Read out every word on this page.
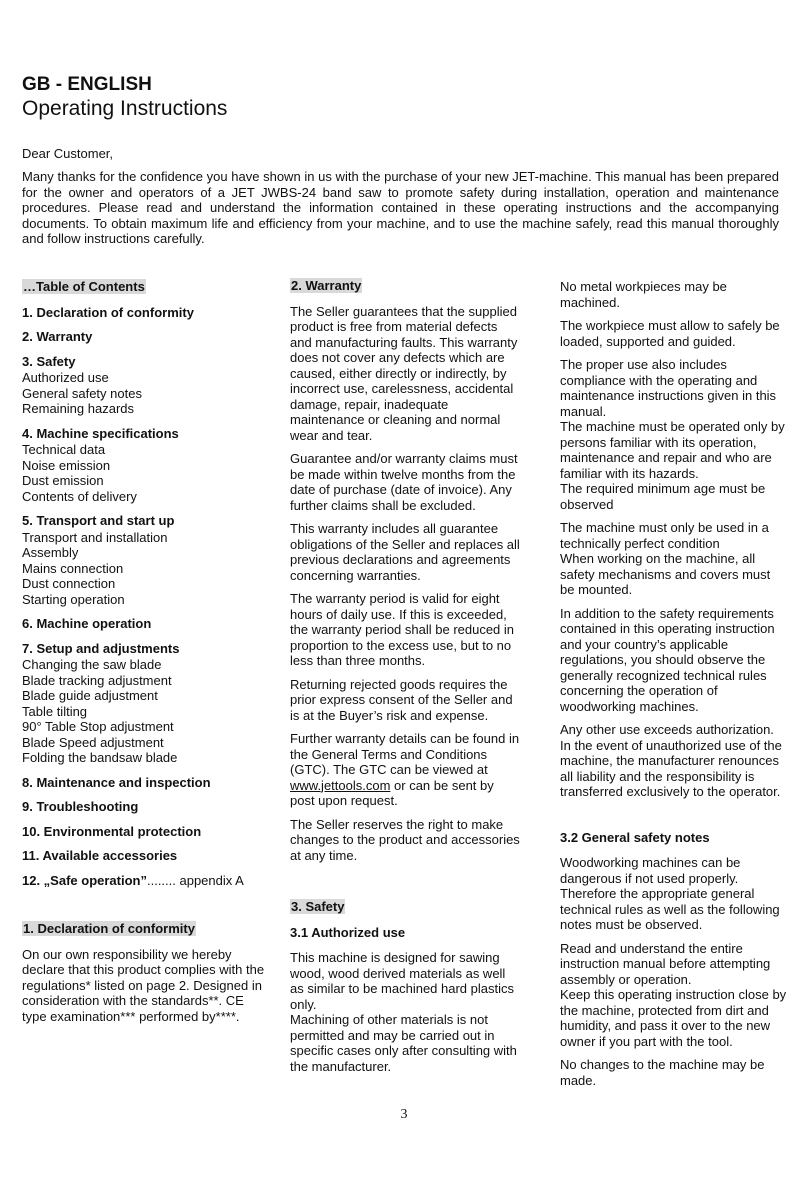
GB - ENGLISH
Operating Instructions
Dear Customer,
Many thanks for the confidence you have shown in us with the purchase of your new JET-machine. This manual has been prepared for the owner and operators of a JET JWBS-24 band saw to promote safety during installation, operation and maintenance procedures. Please read and understand the information contained in these operating instructions and the accompanying documents. To obtain maximum life and efficiency from your machine, and to use the machine safely, read this manual thoroughly and follow instructions carefully.
…Table of Contents
1. Declaration of conformity
2. Warranty
3. Safety
Authorized use
General safety notes
Remaining hazards
4. Machine specifications
Technical data
Noise emission
Dust emission
Contents of delivery
5. Transport and start up
Transport and installation
Assembly
Mains connection
Dust connection
Starting operation
6. Machine operation
7. Setup and adjustments
Changing the saw blade
Blade tracking adjustment
Blade guide adjustment
Table tilting
90° Table Stop adjustment
Blade Speed adjustment
Folding the bandsaw blade
8. Maintenance and inspection
9. Troubleshooting
10. Environmental protection
11. Available accessories
12. „Safe operation”........ appendix A
1. Declaration of conformity

On our own responsibility we hereby declare that this product complies with the regulations* listed on page 2. Designed in consideration with the standards**. CE type examination*** performed by****.

2. Warranty

The Seller guarantees that the supplied product is free from material defects and manufacturing faults. This warranty does not cover any defects which are caused, either directly or indirectly, by incorrect use, carelessness, accidental damage, repair, inadequate maintenance or cleaning and normal wear and tear.

Guarantee and/or warranty claims must be made within twelve months from the date of purchase (date of invoice). Any further claims shall be excluded.

This warranty includes all guarantee obligations of the Seller and replaces all previous declarations and agreements concerning warranties.

The warranty period is valid for eight hours of daily use. If this is exceeded, the warranty period shall be reduced in proportion to the excess use, but to no less than three months.

Returning rejected goods requires the prior express consent of the Seller and is at the Buyer’s risk and expense.

Further warranty details can be found in the General Terms and Conditions (GTC). The GTC can be viewed at www.jettools.com or can be sent by post upon request.

The Seller reserves the right to make changes to the product and accessories at any time.

3. Safety

3.1 Authorized use

This machine is designed for sawing wood, wood derived materials as well as similar to be machined hard plastics only.
Machining of other materials is not permitted and may be carried out in specific cases only after consulting with the manufacturer.

No metal workpieces may be machined.

The workpiece must allow to safely be loaded, supported and guided.

The proper use also includes compliance with the operating and maintenance instructions given in this manual.
The machine must be operated only by persons familiar with its operation, maintenance and repair and who are familiar with its hazards.
The required minimum age must be observed
The machine must only be used in a technically perfect condition
When working on the machine, all safety mechanisms and covers must be mounted.

In addition to the safety requirements contained in this operating instruction and your country’s applicable regulations, you should observe the generally recognized technical rules concerning the operation of woodworking machines.

Any other use exceeds authorization.
In the event of unauthorized use of the machine, the manufacturer renounces all liability and the responsibility is transferred exclusively to the operator.

3.2 General safety notes

Woodworking machines can be dangerous if not used properly. Therefore the appropriate general technical rules as well as the following notes must be observed.

Read and understand the entire instruction manual before attempting assembly or operation.
Keep this operating instruction close by the machine, protected from dirt and humidity, and pass it over to the new owner if you part with the tool.

No changes to the machine may be made.

3
